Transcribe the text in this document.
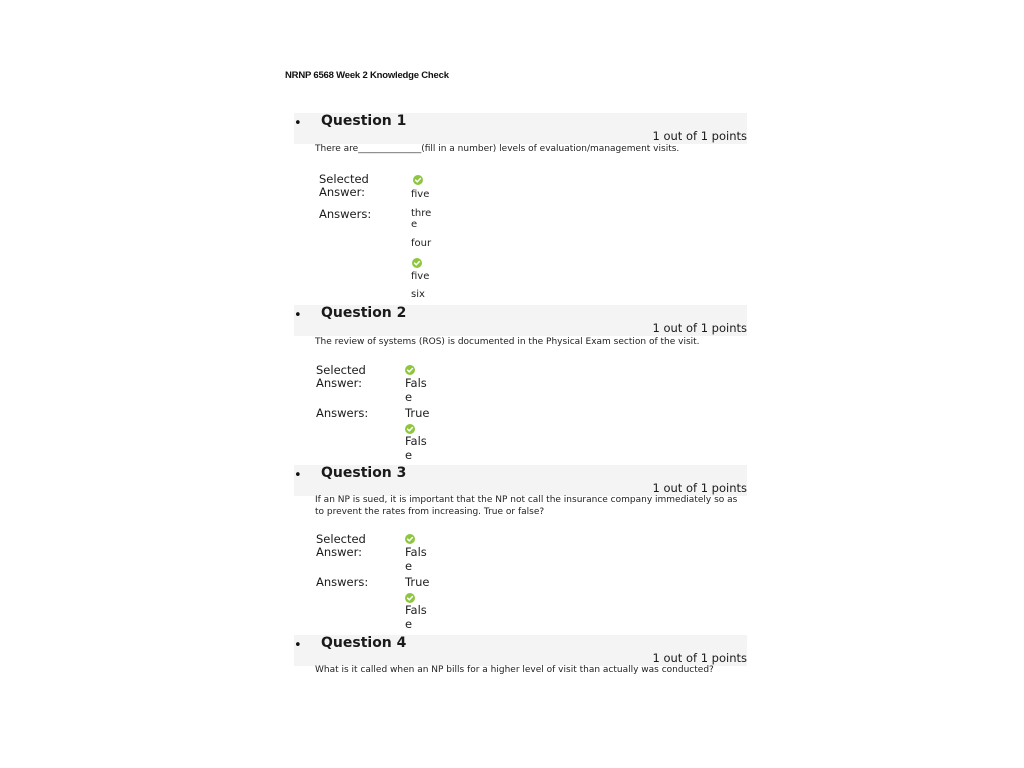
NRNP 6568 Week 2 Knowledge Check
• Question 1
1 out of 1 points
There are______________(fill in a number) levels of evaluation/management visits.
Selected Answer:	five
Answers:	three
four
five
six
• Question 2
1 out of 1 points
The review of systems (ROS) is documented in the Physical Exam section of the visit.
Selected Answer:	False
Answers:	True
False
• Question 3
1 out of 1 points
If an NP is sued, it is important that the NP not call the insurance company immediately so as to prevent the rates from increasing. True or false?
Selected Answer:	False
Answers:	True
False
• Question 4
1 out of 1 points
What is it called when an NP bills for a higher level of visit than actually was conducted?
